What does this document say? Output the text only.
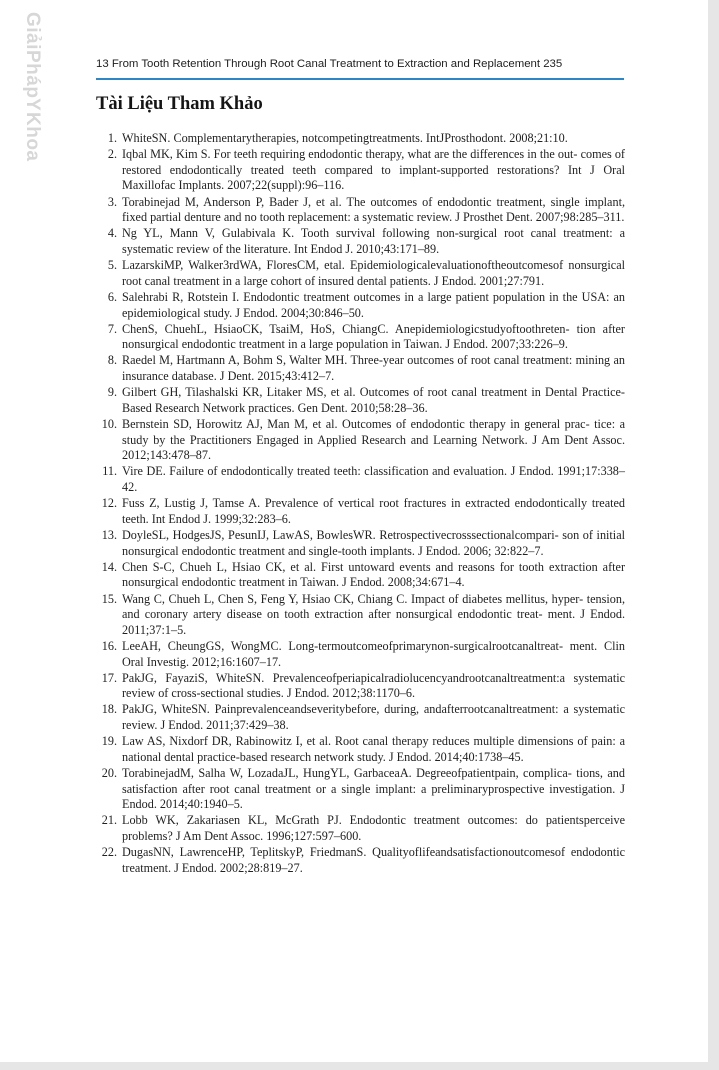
Giải
Pháp
Y
Khoa
13 From Tooth Retention Through Root Canal Treatment to Extraction and Replacement 235
Tài Liệu Tham Khảo
1. WhiteSN. Complementarytherapies, notcompetingtreatments. IntJProsthodont. 2008;21:10.
2. Iqbal MK, Kim S. For teeth requiring endodontic therapy, what are the differences in the out- comes of restored endodontically treated teeth compared to implant-supported restorations? Int J Oral Maxillofac Implants. 2007;22(suppl):96–116.
3. Torabinejad M, Anderson P, Bader J, et al. The outcomes of endodontic treatment, single implant, fixed partial denture and no tooth replacement: a systematic review. J Prosthet Dent. 2007;98:285–311.
4. Ng YL, Mann V, Gulabivala K. Tooth survival following non-surgical root canal treatment: a systematic review of the literature. Int Endod J. 2010;43:171–89.
5. LazarskiMP, Walker3rdWA, FloresCM, etal. Epidemiologicalevaluationoftheoutcomesof nonsurgical root canal treatment in a large cohort of insured dental patients. J Endod. 2001;27:791.
6. Salehrabi R, Rotstein I. Endodontic treatment outcomes in a large patient population in the USA: an epidemiological study. J Endod. 2004;30:846–50.
7. ChenS, ChuehL, HsiaoCK, TsaiM, HoS, ChiangC. Anepidemiologicstudyoftoothreten- tion after nonsurgical endodontic treatment in a large population in Taiwan. J Endod. 2007;33:226–9.
8. Raedel M, Hartmann A, Bohm S, Walter MH. Three-year outcomes of root canal treatment: mining an insurance database. J Dent. 2015;43:412–7.
9. Gilbert GH, Tilashalski KR, Litaker MS, et al. Outcomes of root canal treatment in Dental Practice-Based Research Network practices. Gen Dent. 2010;58:28–36.
10. Bernstein SD, Horowitz AJ, Man M, et al. Outcomes of endodontic therapy in general prac- tice: a study by the Practitioners Engaged in Applied Research and Learning Network. J Am Dent Assoc. 2012;143:478–87.
11. Vire DE. Failure of endodontically treated teeth: classification and evaluation. J Endod. 1991;17:338–42.
12. Fuss Z, Lustig J, Tamse A. Prevalence of vertical root fractures in extracted endodontically treated teeth. Int Endod J. 1999;32:283–6.
13. DoyleSL, HodgesJS, PesunIJ, LawAS, BowlesWR. Retrospectivecrosssectionalcompari- son of initial nonsurgical endodontic treatment and single-tooth implants. J Endod. 2006; 32:822–7.
14. Chen S-C, Chueh L, Hsiao CK, et al. First untoward events and reasons for tooth extraction after nonsurgical endodontic treatment in Taiwan. J Endod. 2008;34:671–4.
15. Wang C, Chueh L, Chen S, Feng Y, Hsiao CK, Chiang C. Impact of diabetes mellitus, hyper- tension, and coronary artery disease on tooth extraction after nonsurgical endodontic treat- ment. J Endod. 2011;37:1–5.
16. LeeAH, CheungGS, WongMC. Long-termoutcomeofprimarynon-surgicalrootcanaltreat- ment. Clin Oral Investig. 2012;16:1607–17.
17. PakJG, FayaziS, WhiteSN. Prevalenceofperiapicalradiolucencyandrootcanaltreatment:a systematic review of cross-sectional studies. J Endod. 2012;38:1170–6.
18. PakJG, WhiteSN. Painprevalenceandseveritybefore, during, andafterrootcanaltreatment: a systematic review. J Endod. 2011;37:429–38.
19. Law AS, Nixdorf DR, Rabinowitz I, et al. Root canal therapy reduces multiple dimensions of pain: a national dental practice-based research network study. J Endod. 2014;40:1738–45.
20. TorabinejadM, Salha W, LozadaJL, HungYL, GarbaceaA. Degreeofpatientpain, complica- tions, and satisfaction after root canal treatment or a single implant: a preliminaryprospective investigation. J Endod. 2014;40:1940–5.
21. Lobb WK, Zakariasen KL, McGrath PJ. Endodontic treatment outcomes: do patientsperceive problems? J Am Dent Assoc. 1996;127:597–600.
22. DugasNN, LawrenceHP, TeplitskyP, FriedmanS. Qualityoflifeandsatisfactionoutcomesof endodontic treatment. J Endod. 2002;28:819–27.
